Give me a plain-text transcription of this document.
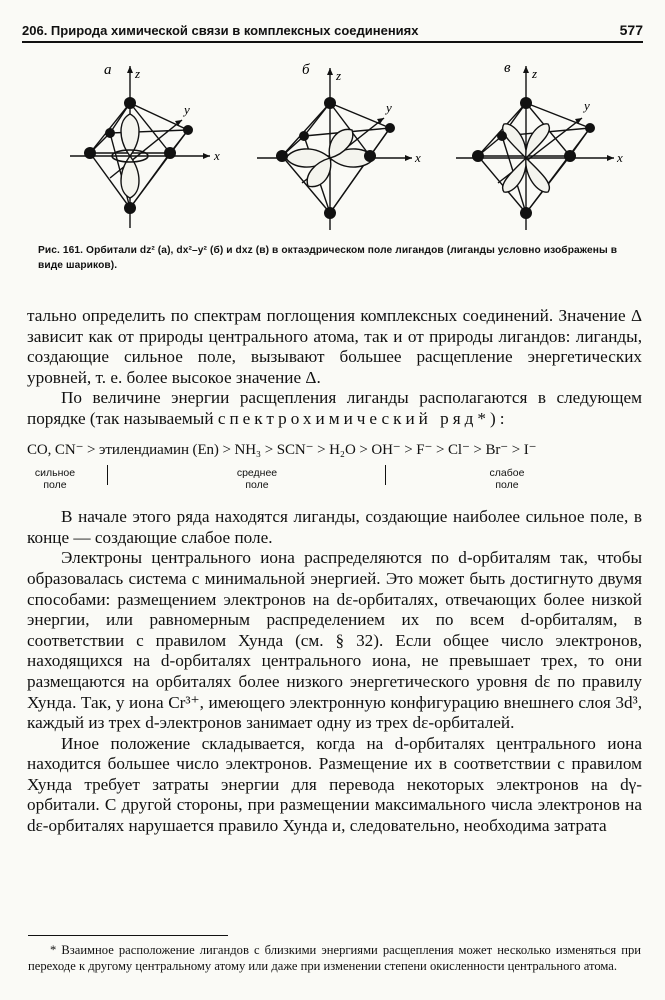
206. Природа химической связи в комплексных соединениях	577
а z
y
x
б z
y
x
в z
y
x
Рис. 161. Орбитали dz² (а), dx²–y² (б) и dxz (в) в октаэдрическом поле лигандов (лиганды условно изображены в виде шариков).

тально определить по спектрам поглощения комплексных соединений. Значение Δ зависит как от природы центрального атома, так и от природы лигандов: лиганды, создающие сильное поле, вызывают большее расщепление энергетических уровней, т. е. более высокое значение Δ.

По величине энергии расщепления лиганды располагаются в следующем порядке (так называемый спектрохимический ряд*):

CO, CN⁻ > этилендиамин (En) > NH₃ > SCN⁻ > H₂O > OH⁻ > F⁻ > Cl⁻ > Br⁻ > I⁻
сильное
поле
среднее
поле
слабое
поле

В начале этого ряда находятся лиганды, создающие наиболее сильное поле, в конце — создающие слабое поле.

Электроны центрального иона распределяются по d-орбиталям так, чтобы образовалась система с минимальной энергией. Это может быть достигнуто двумя способами: размещением электронов на dε-орбиталях, отвечающих более низкой энергии, или равномерным распределением их по всем d-орбиталям, в соответствии с правилом Хунда (см. § 32). Если общее число электронов, находящихся на d-орбиталях центрального иона, не превышает трех, то они размещаются на орбиталях более низкого энергетического уровня dε по правилу Хунда. Так, у иона Cr³⁺, имеющего электронную конфигурацию внешнего слоя 3d³, каждый из трех d-электронов занимает одну из трех dε-орбиталей.

Иное положение складывается, когда на d-орбиталях центрального иона находится большее число электронов. Размещение их в соответствии с правилом Хунда требует затраты энергии для перевода некоторых электронов на dγ-орбитали. С другой стороны, при размещении максимального числа электронов на dε-орбиталях нарушается правило Хунда и, следовательно, необходима затрата

* Взаимное расположение лигандов с близкими энергиями расщепления может несколько изменяться при переходе к другому центральному атому или даже при изменении степени окисленности центрального атома.
